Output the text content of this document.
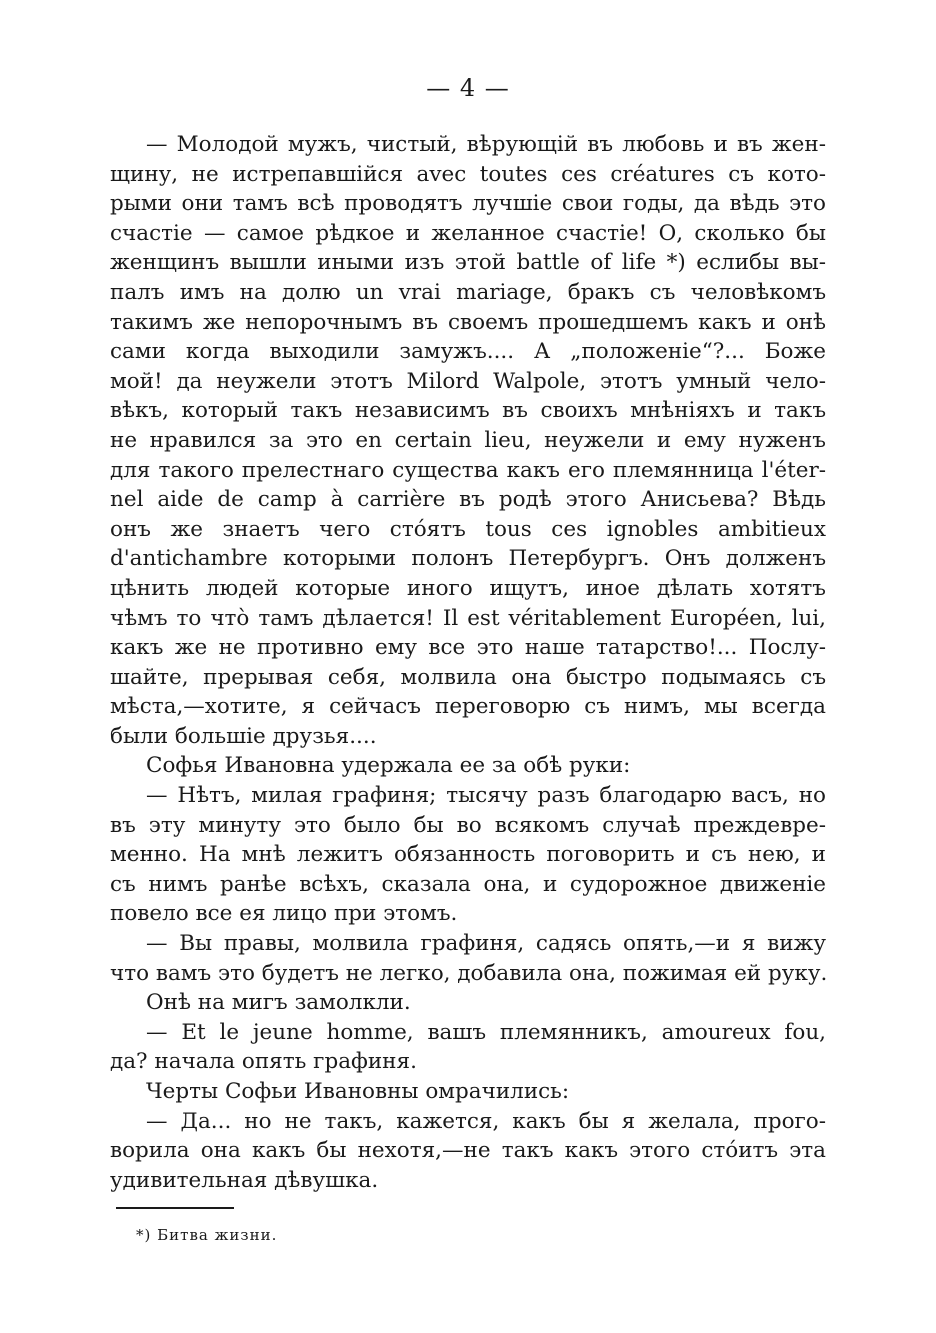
— 4 —
— Молодой мужъ, чистый, вѣрующій въ любовь и въ жен-
щину, не истрепавшійся avec toutes ces créatures съ кото-
рыми они тамъ всѣ проводятъ лучшіе свои годы, да вѣдь это
счастіе — самое рѣдкое и желанное счастіе! О, сколько бы
женщинъ вышли иными изъ этой battle of life *) еслибы вы-
палъ имъ на долю un vrai mariage, бракъ съ человѣкомъ
такимъ же непорочнымъ въ своемъ прошедшемъ какъ и онѣ
сами когда выходили замужъ.... А „положеніе“?... Боже
мой! да неужели этотъ Milord Walpole, этотъ умный чело-
вѣкъ, который такъ независимъ въ своихъ мнѣніяхъ и такъ
не нравился за это en certain lieu, неужели и ему нуженъ
для такого прелестнаго существа какъ его племянница l'éter-
nel aide de camp à carrière въ родѣ этого Анисьева? Вѣдь
онъ же знаетъ чего стóятъ tous ces ignobles ambitieux
d'antichambre которыми полонъ Петербургъ. Онъ долженъ
цѣнить людей которые иного ищутъ, иное дѣлать хотятъ
чѣмъ то чтò тамъ дѣлается! Il est véritablement Européen, lui,
какъ же не противно ему все это наше татарство!... Послу-
шайте, прерывая себя, молвила она быстро подымаясь съ
мѣста,—хотите, я сейчасъ переговорю съ нимъ, мы всегда
были большіе друзья....
Софья Ивановна удержала ее за обѣ руки:
— Нѣтъ, милая графиня; тысячу разъ благодарю васъ, но
въ эту минуту это было бы во всякомъ случаѣ преждевре-
менно. На мнѣ лежитъ обязанность поговорить и съ нею, и
съ нимъ ранѣе всѣхъ, сказала она, и судорожное движеніе
повело все ея лицо при этомъ.
— Вы правы, молвила графиня, садясь опять,—и я вижу
что вамъ это будетъ не легко, добавила она, пожимая ей руку.
Онѣ на мигъ замолкли.
— Et le jeune homme, вашъ племянникъ, amoureux fou,
да? начала опять графиня.
Черты Софьи Ивановны омрачились:
— Да... но не такъ, кажется, какъ бы я желала, прого-
ворила она какъ бы нехотя,—не такъ какъ этого стóитъ эта
удивительная дѣвушка.
*) Битва жизни.
